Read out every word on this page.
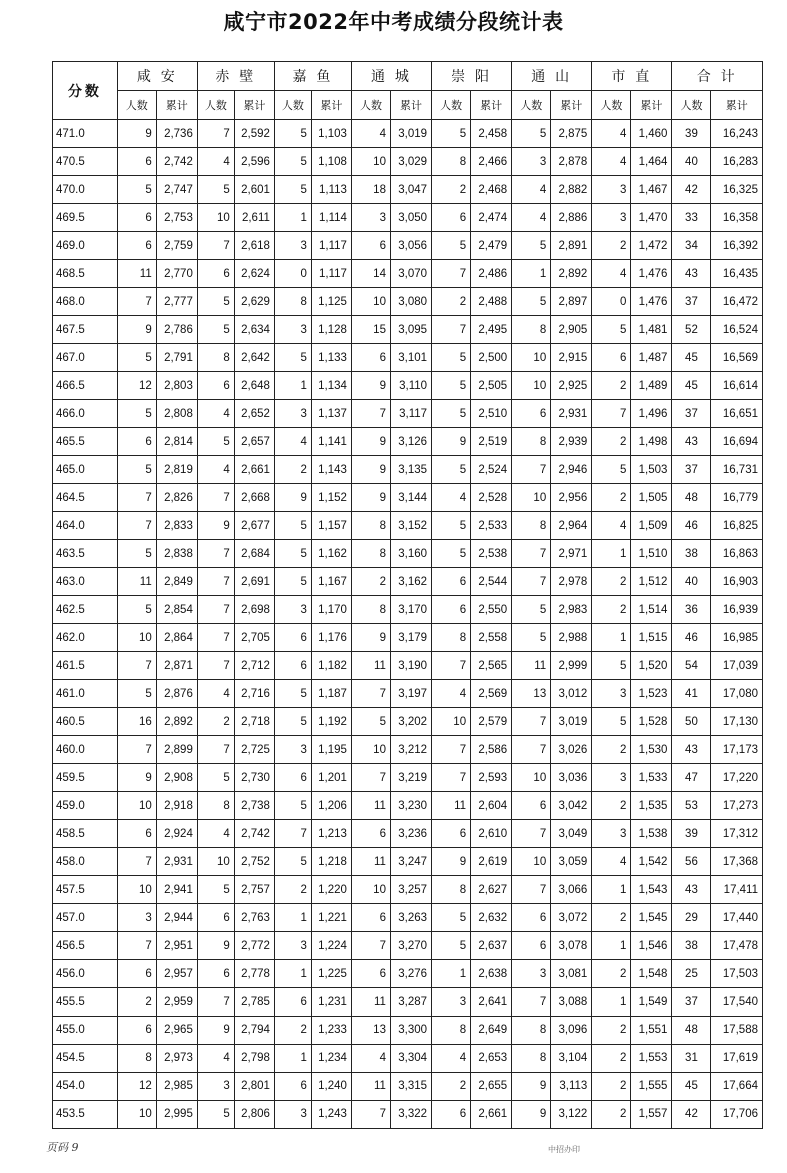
咸宁市2022年中考成绩分段统计表
分数	咸 安		赤 壁		嘉 鱼		通 城		崇 阳		通 山		市 直		合 计	
	人数	累计	人数	累计	人数	累计	人数	累计	人数	累计	人数	累计	人数	累计	人数	累计
471.0	9	2,736	7	2,592	5	1,103	4	3,019	5	2,458	5	2,875	4	1,460	39	16,243
470.5	6	2,742	4	2,596	5	1,108	10	3,029	8	2,466	3	2,878	4	1,464	40	16,283
470.0	5	2,747	5	2,601	5	1,113	18	3,047	2	2,468	4	2,882	3	1,467	42	16,325
469.5	6	2,753	10	2,611	1	1,114	3	3,050	6	2,474	4	2,886	3	1,470	33	16,358
469.0	6	2,759	7	2,618	3	1,117	6	3,056	5	2,479	5	2,891	2	1,472	34	16,392
468.5	11	2,770	6	2,624	0	1,117	14	3,070	7	2,486	1	2,892	4	1,476	43	16,435
468.0	7	2,777	5	2,629	8	1,125	10	3,080	2	2,488	5	2,897	0	1,476	37	16,472
467.5	9	2,786	5	2,634	3	1,128	15	3,095	7	2,495	8	2,905	5	1,481	52	16,524
467.0	5	2,791	8	2,642	5	1,133	6	3,101	5	2,500	10	2,915	6	1,487	45	16,569
466.5	12	2,803	6	2,648	1	1,134	9	3,110	5	2,505	10	2,925	2	1,489	45	16,614
466.0	5	2,808	4	2,652	3	1,137	7	3,117	5	2,510	6	2,931	7	1,496	37	16,651
465.5	6	2,814	5	2,657	4	1,141	9	3,126	9	2,519	8	2,939	2	1,498	43	16,694
465.0	5	2,819	4	2,661	2	1,143	9	3,135	5	2,524	7	2,946	5	1,503	37	16,731
464.5	7	2,826	7	2,668	9	1,152	9	3,144	4	2,528	10	2,956	2	1,505	48	16,779
464.0	7	2,833	9	2,677	5	1,157	8	3,152	5	2,533	8	2,964	4	1,509	46	16,825
463.5	5	2,838	7	2,684	5	1,162	8	3,160	5	2,538	7	2,971	1	1,510	38	16,863
463.0	11	2,849	7	2,691	5	1,167	2	3,162	6	2,544	7	2,978	2	1,512	40	16,903
462.5	5	2,854	7	2,698	3	1,170	8	3,170	6	2,550	5	2,983	2	1,514	36	16,939
462.0	10	2,864	7	2,705	6	1,176	9	3,179	8	2,558	5	2,988	1	1,515	46	16,985
461.5	7	2,871	7	2,712	6	1,182	11	3,190	7	2,565	11	2,999	5	1,520	54	17,039
461.0	5	2,876	4	2,716	5	1,187	7	3,197	4	2,569	13	3,012	3	1,523	41	17,080
460.5	16	2,892	2	2,718	5	1,192	5	3,202	10	2,579	7	3,019	5	1,528	50	17,130
460.0	7	2,899	7	2,725	3	1,195	10	3,212	7	2,586	7	3,026	2	1,530	43	17,173
459.5	9	2,908	5	2,730	6	1,201	7	3,219	7	2,593	10	3,036	3	1,533	47	17,220
459.0	10	2,918	8	2,738	5	1,206	11	3,230	11	2,604	6	3,042	2	1,535	53	17,273
458.5	6	2,924	4	2,742	7	1,213	6	3,236	6	2,610	7	3,049	3	1,538	39	17,312
458.0	7	2,931	10	2,752	5	1,218	11	3,247	9	2,619	10	3,059	4	1,542	56	17,368
457.5	10	2,941	5	2,757	2	1,220	10	3,257	8	2,627	7	3,066	1	1,543	43	17,411
457.0	3	2,944	6	2,763	1	1,221	6	3,263	5	2,632	6	3,072	2	1,545	29	17,440
456.5	7	2,951	9	2,772	3	1,224	7	3,270	5	2,637	6	3,078	1	1,546	38	17,478
456.0	6	2,957	6	2,778	1	1,225	6	3,276	1	2,638	3	3,081	2	1,548	25	17,503
455.5	2	2,959	7	2,785	6	1,231	11	3,287	3	2,641	7	3,088	1	1,549	37	17,540
455.0	6	2,965	9	2,794	2	1,233	13	3,300	8	2,649	8	3,096	2	1,551	48	17,588
454.5	8	2,973	4	2,798	1	1,234	4	3,304	4	2,653	8	3,104	2	1,553	31	17,619
454.0	12	2,985	3	2,801	6	1,240	11	3,315	2	2,655	9	3,113	2	1,555	45	17,664
453.5	10	2,995	5	2,806	3	1,243	7	3,322	6	2,661	9	3,122	2	1,557	42	17,706
页码 9	中招办印
